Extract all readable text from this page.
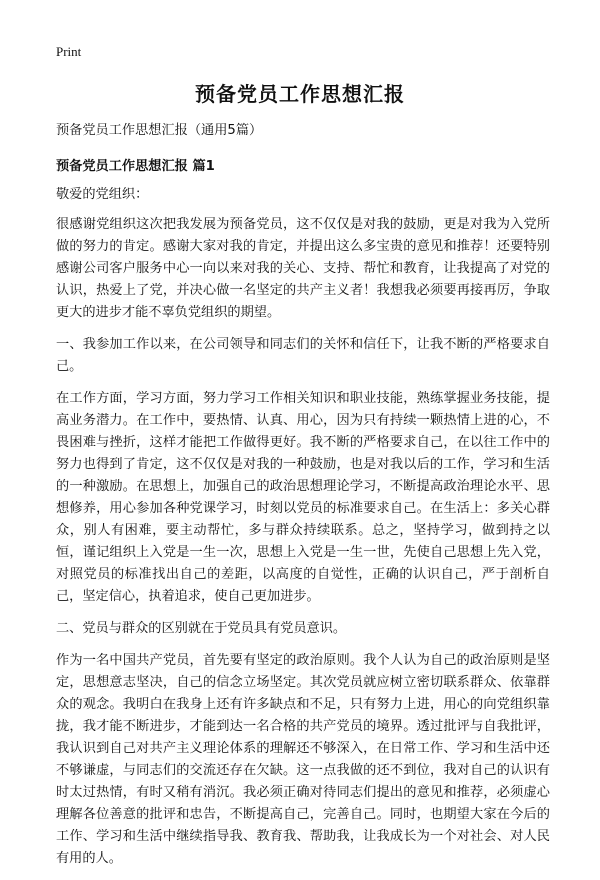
Print
预备党员工作思想汇报

预备党员工作思想汇报（通用5篇）

预备党员工作思想汇报 篇1

敬爱的党组织：

很感谢党组织这次把我发展为预备党员，这不仅仅是对我的鼓励，更是对我为入党所做的努力的肯定。感谢大家对我的肯定，并提出这么多宝贵的意见和推荐！还要特别感谢公司客户服务中心一向以来对我的关心、支持、帮忙和教育，让我提高了对党的认识，热爱上了党，并决心做一名坚定的共产主义者！我想我必须要再接再厉，争取更大的进步才能不辜负党组织的期望。

一、我参加工作以来，在公司领导和同志们的关怀和信任下，让我不断的严格要求自己。

在工作方面，学习方面，努力学习工作相关知识和职业技能，熟练掌握业务技能，提高业务潜力。在工作中，要热情、认真、用心，因为只有持续一颗热情上进的心，不畏困难与挫折，这样才能把工作做得更好。我不断的严格要求自己，在以往工作中的努力也得到了肯定，这不仅仅是对我的一种鼓励，也是对我以后的工作，学习和生活的一种激励。在思想上，加强自己的政治思想理论学习，不断提高政治理论水平、思想修养，用心参加各种党课学习，时刻以党员的标准要求自己。在生活上：多关心群众，别人有困难，要主动帮忙，多与群众持续联系。总之，坚持学习，做到持之以恒，谨记组织上入党是一生一次，思想上入党是一生一世，先使自己思想上先入党，对照党员的标准找出自己的差距，以高度的自觉性，正确的认识自己，严于剖析自己，坚定信心，执着追求，使自己更加进步。

二、党员与群众的区别就在于党员具有党员意识。

作为一名中国共产党员，首先要有坚定的政治原则。我个人认为自己的政治原则是坚定，思想意志坚决，自己的信念立场坚定。其次党员就应树立密切联系群众、依靠群众的观念。我明白在我身上还有许多缺点和不足，只有努力上进，用心的向党组织靠拢，我才能不断进步，才能到达一名合格的共产党员的境界。透过批评与自我批评，我认识到自己对共产主义理论体系的理解还不够深入，在日常工作、学习和生活中还不够谦虚，与同志们的交流还存在欠缺。这一点我做的还不到位，我对自己的认识有时太过热情，有时又稍有消沉。我必须正确对待同志们提出的意见和推荐，必须虚心理解各位善意的批评和忠告，不断提高自己，完善自己。同时，也期望大家在今后的工作、学习和生活中继续指导我、教育我、帮助我，让我成长为一个对社会、对人民有用的人。
